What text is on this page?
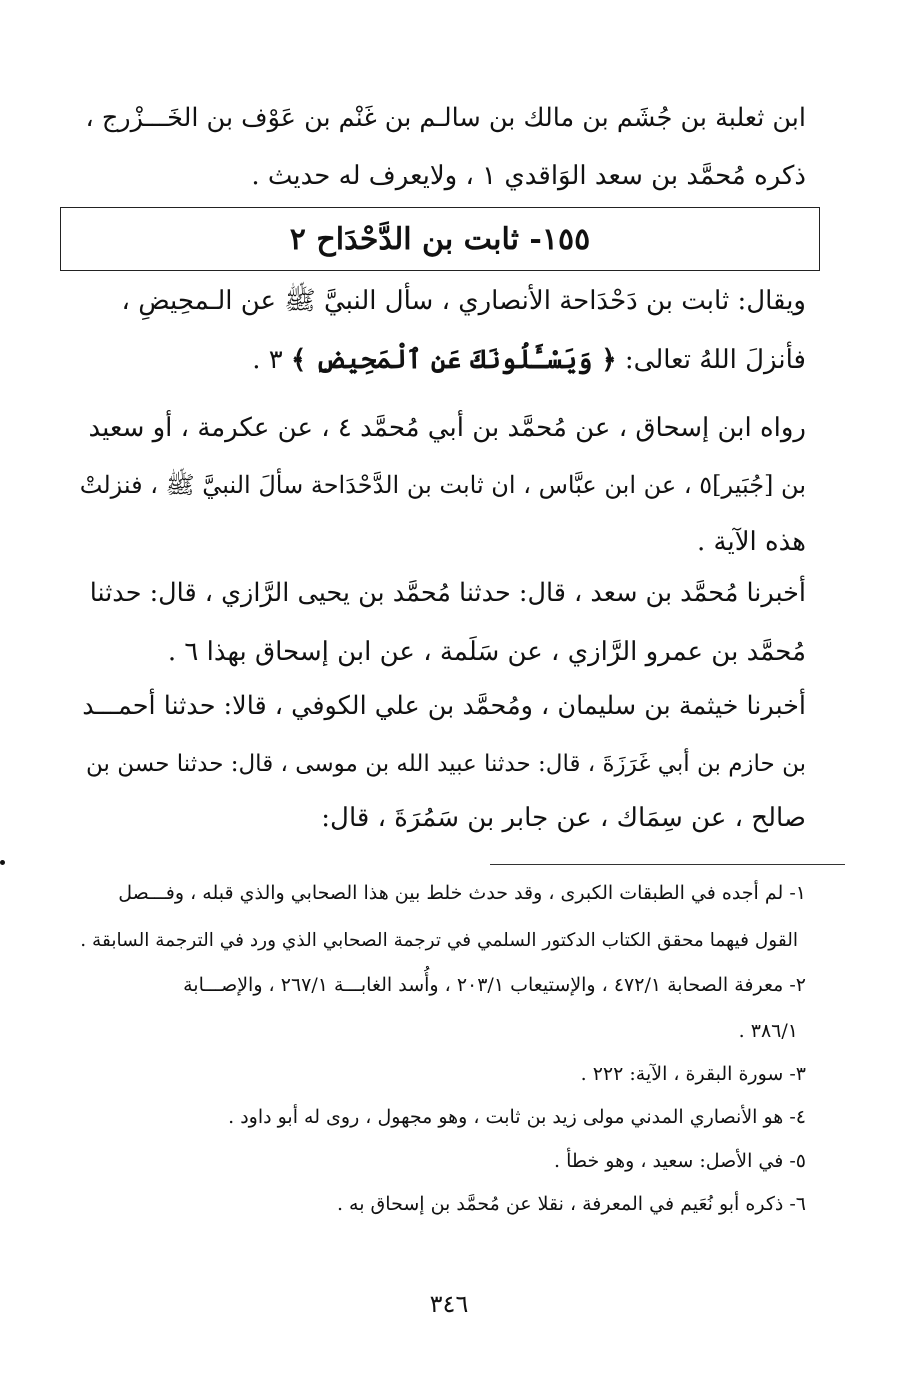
ابن ثعلبة بن جُشَم بن مالك بن سالـم بن غَنْم بن عَوْف بن الخَـــزْرج ،
ذكره مُحمَّد بن سعد الوَاقدي ١ ، ولايعرف له حديث .
١٥٥- ثابت بن الدَّحْدَاح ٢
ويقال: ثابت بن دَحْدَاحة الأنصاري ، سأل النبيَّ ﷺ عن الـمحِيضِ ،
فأنزلَ اللهُ تعالى: ﴿ وَيَسْـَٔلُونَكَ عَنِ ٱلْمَحِيضِ ﴾ ٣ .
رواه ابن إسحاق ، عن مُحمَّد بن أبي مُحمَّد ٤ ، عن عكرمة ، أو سعيد
بن [جُبَير]٥ ، عن ابن عبَّاس ، ان ثابت بن الدَّحْدَاحة سألَ النبيَّ ﷺ ، فنزلتْ
هذه الآية .
أخبرنا مُحمَّد بن سعد ، قال: حدثنا مُحمَّد بن يحيى الرَّازي ، قال: حدثنا
مُحمَّد بن عمرو الرَّازي ، عن سَلَمة ، عن ابن إسحاق بهذا ٦ .
أخبرنا خيثمة بن سليمان ، ومُحمَّد بن علي الكوفي ، قالا: حدثنا أحمـــد
بن حازم بن أبي غَرَزَةَ ، قال: حدثنا عبيد الله بن موسى ، قال: حدثنا حسن بن
صالح ، عن سِمَاك ، عن جابر بن سَمُرَةَ ، قال:
١- لم أجده في الطبقات الكبرى ، وقد حدث خلط بين هذا الصحابي والذي قبله ، وفـــصل
القول فيهما محقق الكتاب الدكتور السلمي في ترجمة الصحابي الذي ورد في الترجمة السابقة .
٢- معرفة الصحابة ٤٧٢/١ ، والإستيعاب ٢٠٣/١ ، وأُسد الغابـــة ٢٦٧/١ ، والإصـــابة
٣٨٦/١ .
٣- سورة البقرة ، الآية: ٢٢٢ .
٤- هو الأنصاري المدني مولى زيد بن ثابت ، وهو مجهول ، روى له أبو داود .
٥- في الأصل: سعيد ، وهو خطأ .
٦- ذكره أبو نُعَيم في المعرفة ، نقلا عن مُحمَّد بن إسحاق به .
٣٤٦
